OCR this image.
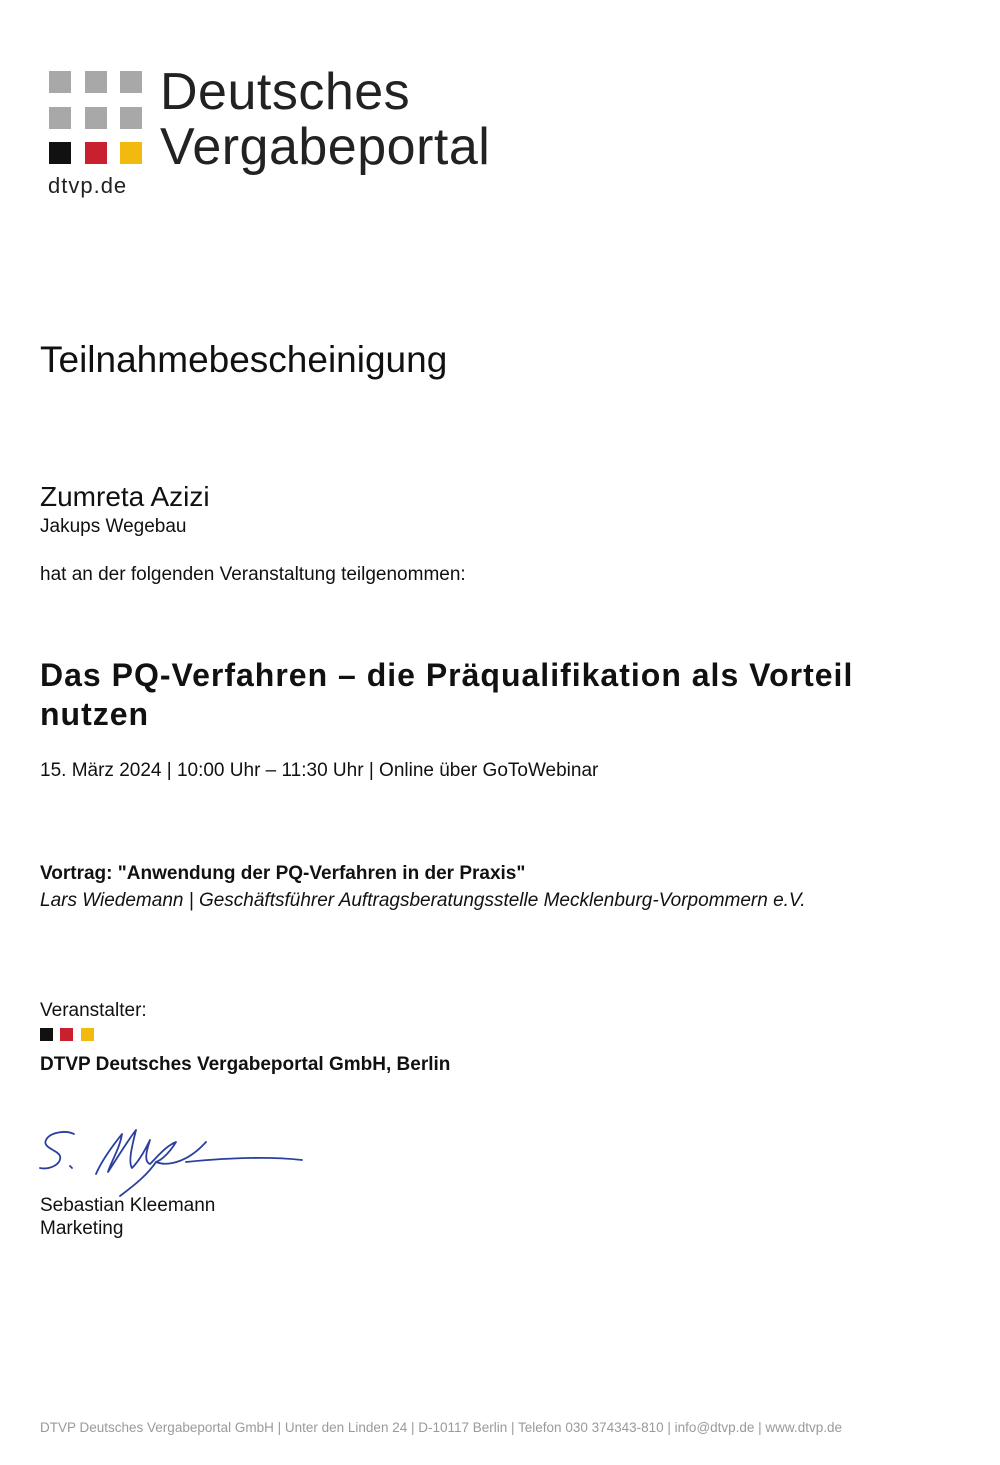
Deutsches
Vergabeportal
dtvp.de
Teilnahmebescheinigung
Zumreta Azizi
Jakups Wegebau
hat an der folgenden Veranstaltung teilgenommen:
Das PQ-Verfahren – die Präqualifikation als Vorteil nutzen
15. März 2024 | 10:00 Uhr – 11:30 Uhr | Online über GoToWebinar
Vortrag: "Anwendung der PQ-Verfahren in der Praxis"
Lars Wiedemann | Geschäftsführer Auftragsberatungsstelle Mecklenburg-Vorpommern e.V.
Veranstalter:
DTVP Deutsches Vergabeportal GmbH, Berlin
Sebastian Kleemann
Marketing
DTVP Deutsches Vergabeportal GmbH | Unter den Linden 24 | D-10117 Berlin | Telefon 030 374343-810 | info@dtvp.de | www.dtvp.de
